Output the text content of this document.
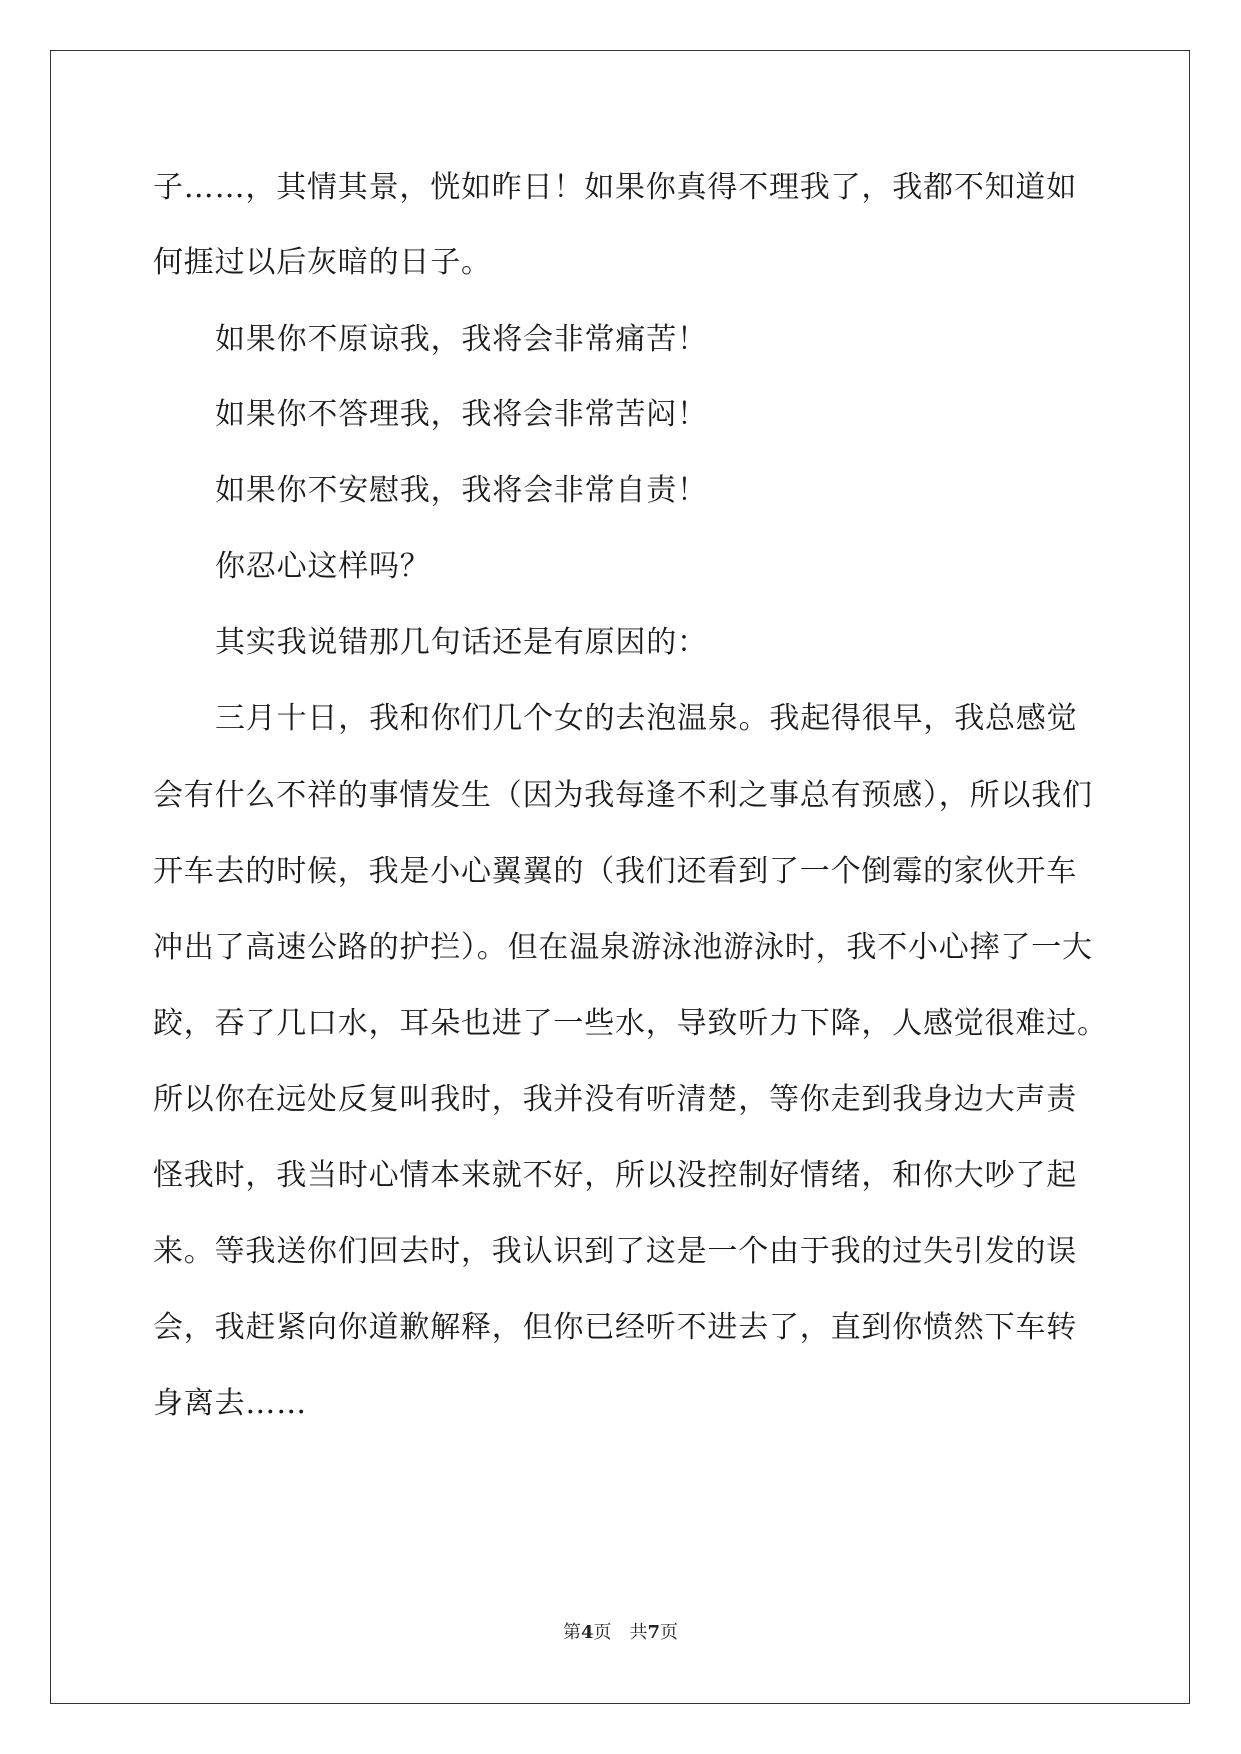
子……，其情其景，恍如昨日！如果你真得不理我了，我都不知道如

何捱过以后灰暗的日子。

如果你不原谅我，我将会非常痛苦！

如果你不答理我，我将会非常苦闷！

如果你不安慰我，我将会非常自责！

你忍心这样吗？

其实我说错那几句话还是有原因的：

三月十日，我和你们几个女的去泡温泉。我起得很早，我总感觉

会有什么不祥的事情发生（因为我每逢不利之事总有预感），所以我们

开车去的时候，我是小心翼翼的（我们还看到了一个倒霉的家伙开车

冲出了高速公路的护拦）。但在温泉游泳池游泳时，我不小心摔了一大

跤，吞了几口水，耳朵也进了一些水，导致听力下降，人感觉很难过。

所以你在远处反复叫我时，我并没有听清楚，等你走到我身边大声责

怪我时，我当时心情本来就不好，所以没控制好情绪，和你大吵了起

来。等我送你们回去时，我认识到了这是一个由于我的过失引发的误

会，我赶紧向你道歉解释，但你已经听不进去了，直到你愤然下车转

身离去……

第4页　共7页
